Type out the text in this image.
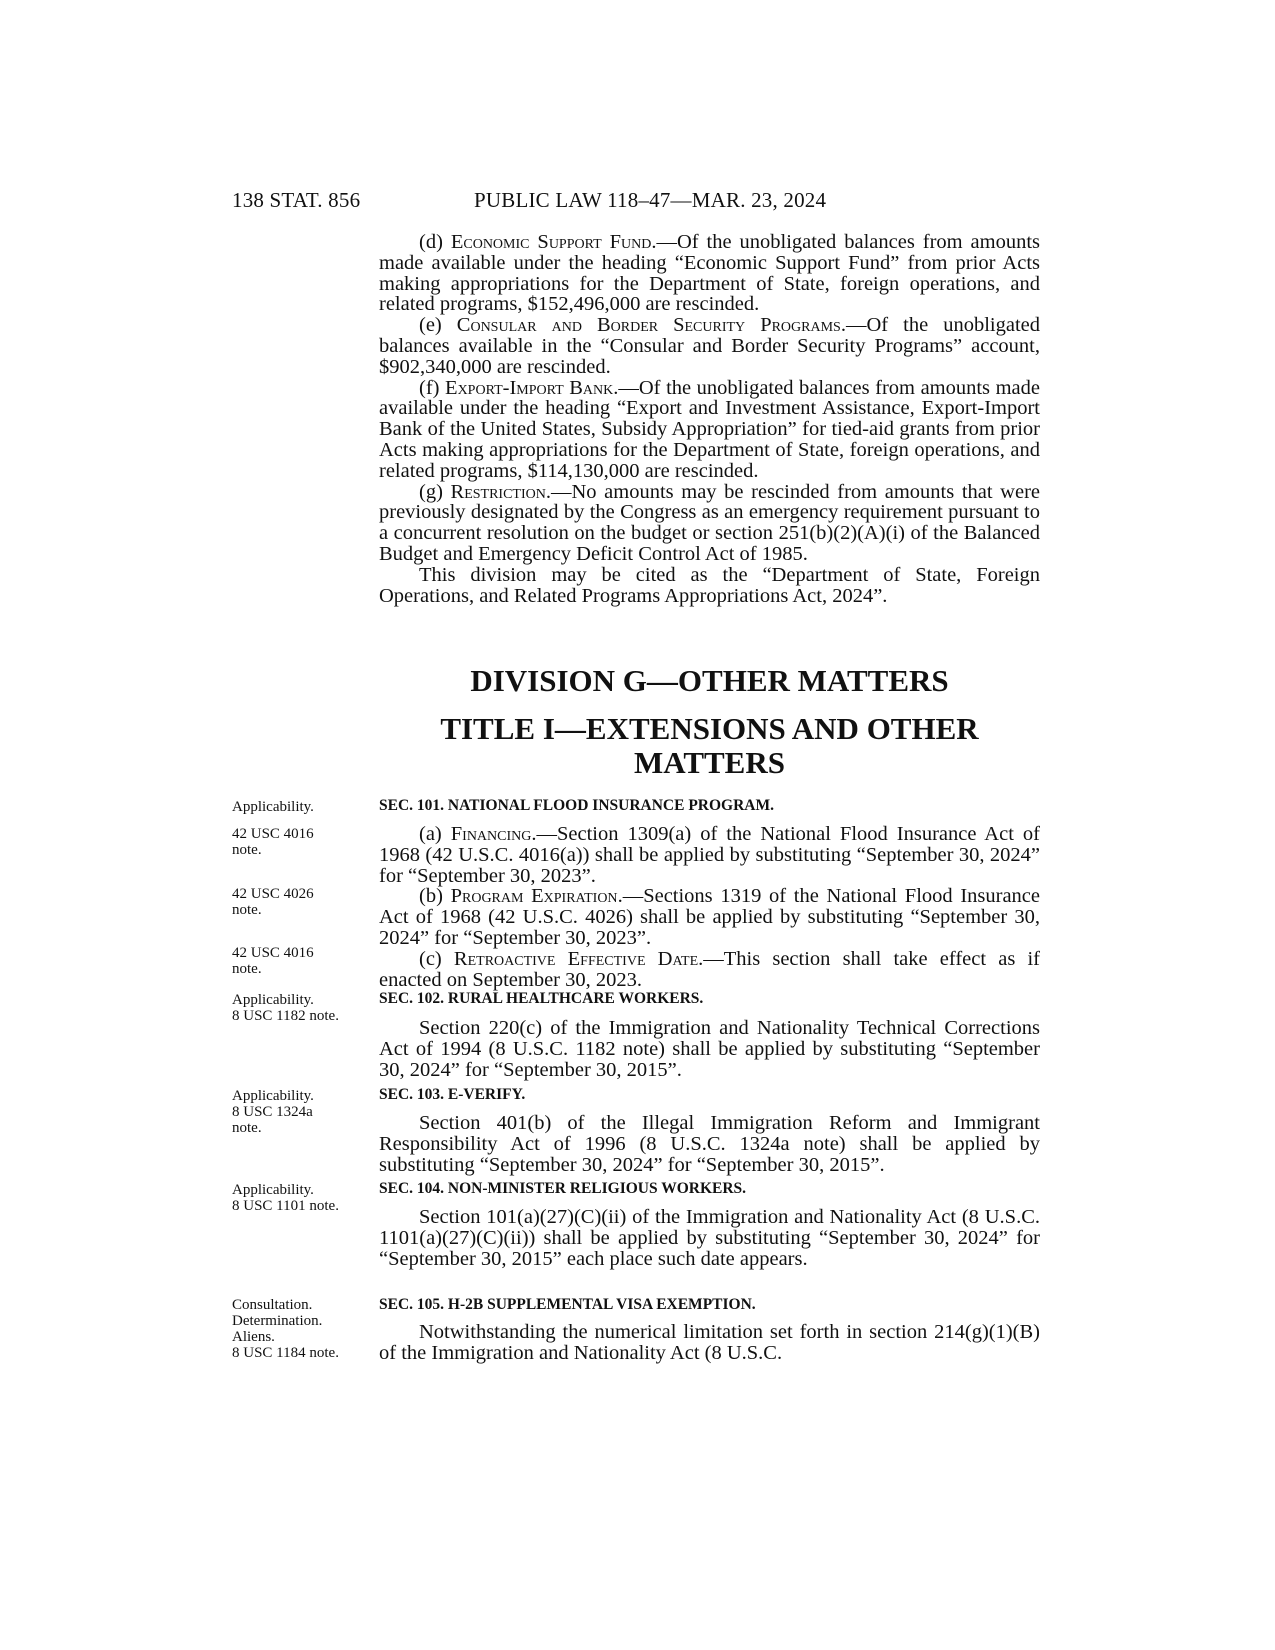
138 STAT. 856	PUBLIC LAW 118–47—MAR. 23, 2024

(d) Economic Support Fund.—Of the unobligated balances from amounts made available under the heading “Economic Support Fund” from prior Acts making appropriations for the Department of State, foreign operations, and related programs, $152,496,000 are rescinded.

(e) Consular and Border Security Programs.—Of the unobligated balances available in the “Consular and Border Security Programs” account, $902,340,000 are rescinded.

(f) Export-Import Bank.—Of the unobligated balances from amounts made available under the heading “Export and Investment Assistance, Export-Import Bank of the United States, Subsidy Appropriation” for tied-aid grants from prior Acts making appropriations for the Department of State, foreign operations, and related programs, $114,130,000 are rescinded.

(g) Restriction.—No amounts may be rescinded from amounts that were previously designated by the Congress as an emergency requirement pursuant to a concurrent resolution on the budget or section 251(b)(2)(A)(i) of the Balanced Budget and Emergency Deficit Control Act of 1985.

This division may be cited as the “Department of State, Foreign Operations, and Related Programs Appropriations Act, 2024”.

DIVISION G—OTHER MATTERS
TITLE I—EXTENSIONS AND OTHER
MATTERS
SEC. 101. NATIONAL FLOOD INSURANCE PROGRAM.

(a) Financing.—Section 1309(a) of the National Flood Insurance Act of 1968 (42 U.S.C. 4016(a)) shall be applied by substituting “September 30, 2024” for “September 30, 2023”.

(b) Program Expiration.—Sections 1319 of the National Flood Insurance Act of 1968 (42 U.S.C. 4026) shall be applied by substituting “September 30, 2024” for “September 30, 2023”.

(c) Retroactive Effective Date.—This section shall take effect as if enacted on September 30, 2023.

SEC. 102. RURAL HEALTHCARE WORKERS.

Section 220(c) of the Immigration and Nationality Technical Corrections Act of 1994 (8 U.S.C. 1182 note) shall be applied by substituting “September 30, 2024” for “September 30, 2015”.

SEC. 103. E-VERIFY.

Section 401(b) of the Illegal Immigration Reform and Immigrant Responsibility Act of 1996 (8 U.S.C. 1324a note) shall be applied by substituting “September 30, 2024” for “September 30, 2015”.

SEC. 104. NON-MINISTER RELIGIOUS WORKERS.

Section 101(a)(27)(C)(ii) of the Immigration and Nationality Act (8 U.S.C. 1101(a)(27)(C)(ii)) shall be applied by substituting “September 30, 2024” for “September 30, 2015” each place such date appears.

SEC. 105. H-2B SUPPLEMENTAL VISA EXEMPTION.

Notwithstanding the numerical limitation set forth in section 214(g)(1)(B) of the Immigration and Nationality Act (8 U.S.C.

Applicability.
42 USC 4016
note.
42 USC 4026
note.
42 USC 4016
note.
Applicability.
8 USC 1182 note.
Applicability.
8 USC 1324a
note.
Applicability.
8 USC 1101 note.
Consultation.
Determination.
Aliens.
8 USC 1184 note.
